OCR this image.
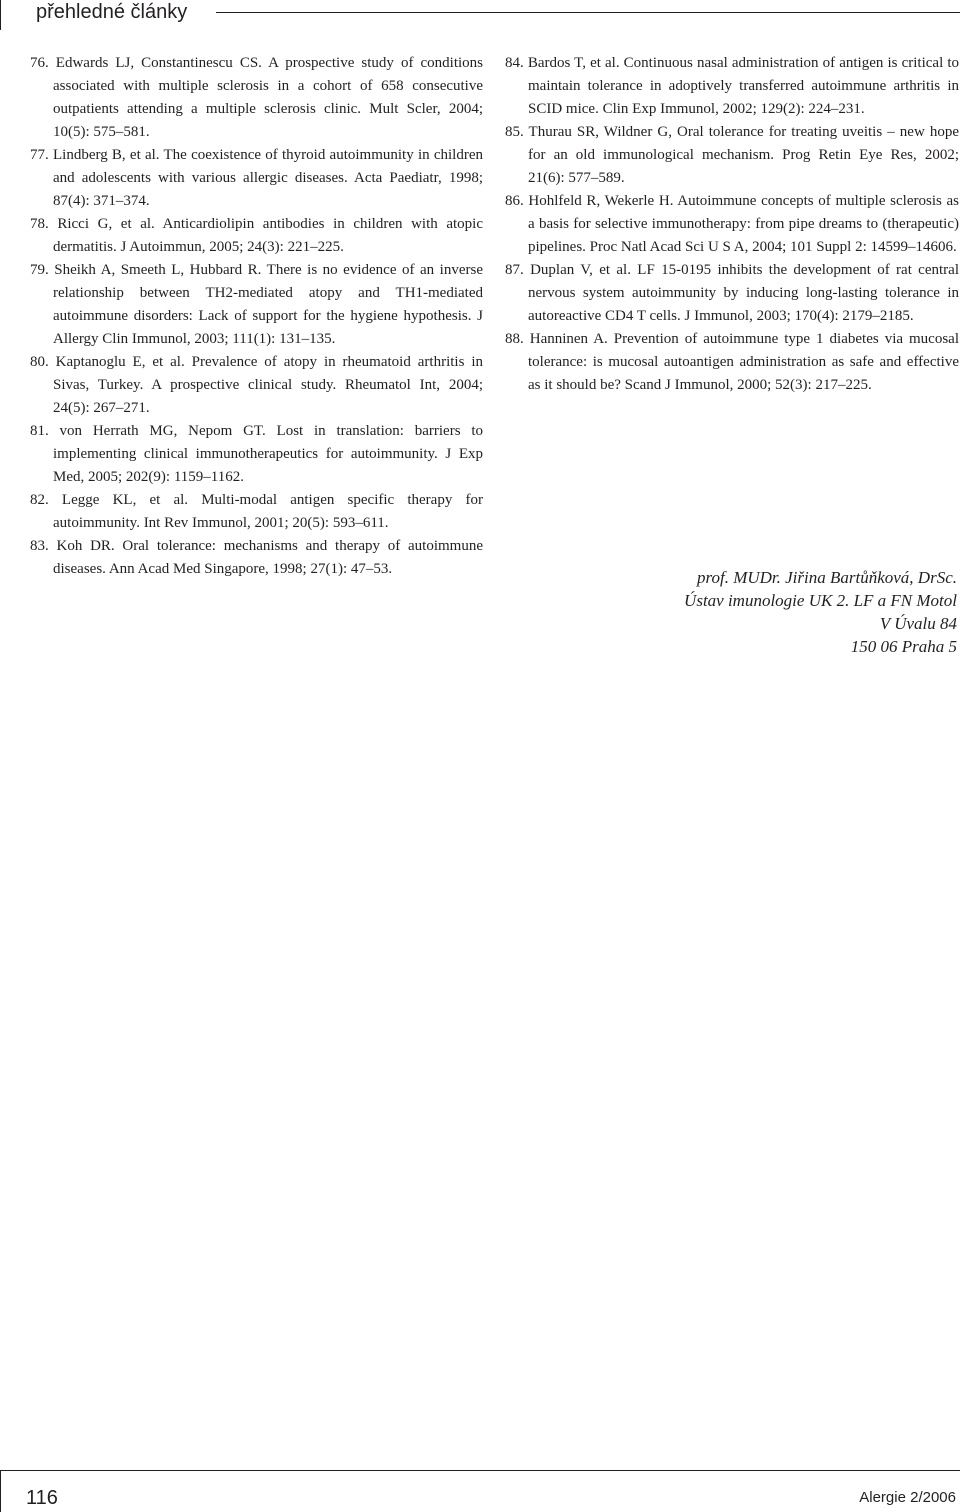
přehledné články

76. Edwards LJ, Constantinescu CS. A prospective study of conditions associated with multiple sclerosis in a cohort of 658 consecutive outpatients attending a multiple sclerosis clinic. Mult Scler, 2004; 10(5): 575–581.

77. Lindberg B, et al. The coexistence of thyroid autoimmunity in children and adolescents with various allergic diseases. Acta Paediatr, 1998; 87(4): 371–374.

78. Ricci G, et al. Anticardiolipin antibodies in children with atopic dermatitis. J Autoimmun, 2005; 24(3): 221–225.

79. Sheikh A, Smeeth L, Hubbard R. There is no evidence of an inverse relationship between TH2-mediated atopy and TH1-mediated autoimmune disorders: Lack of support for the hygiene hypothesis. J Allergy Clin Immunol, 2003; 111(1): 131–135.

80. Kaptanoglu E, et al. Prevalence of atopy in rheumatoid arthritis in Sivas, Turkey. A prospective clinical study. Rheumatol Int, 2004; 24(5): 267–271.

81. von Herrath MG, Nepom GT. Lost in translation: barriers to implementing clinical immunotherapeutics for autoimmunity. J Exp Med, 2005; 202(9): 1159–1162.

82. Legge KL, et al. Multi-modal antigen specific therapy for autoimmunity. Int Rev Immunol, 2001; 20(5): 593–611.

83. Koh DR. Oral tolerance: mechanisms and therapy of autoimmune diseases. Ann Acad Med Singapore, 1998; 27(1): 47–53.

84. Bardos T, et al. Continuous nasal administration of antigen is critical to maintain tolerance in adoptively transferred autoimmune arthritis in SCID mice. Clin Exp Immunol, 2002; 129(2): 224–231.

85. Thurau SR, Wildner G, Oral tolerance for treating uveitis – new hope for an old immunological mechanism. Prog Retin Eye Res, 2002; 21(6): 577–589.

86. Hohlfeld R, Wekerle H. Autoimmune concepts of multiple sclerosis as a basis for selective immunotherapy: from pipe dreams to (therapeutic) pipelines. Proc Natl Acad Sci U S A, 2004; 101 Suppl 2: 14599–14606.

87. Duplan V, et al. LF 15-0195 inhibits the development of rat central nervous system autoimmunity by inducing long-lasting tolerance in autoreactive CD4 T cells. J Immunol, 2003; 170(4): 2179–2185.

88. Hanninen A. Prevention of autoimmune type 1 diabetes via mucosal tolerance: is mucosal autoantigen administration as safe and effective as it should be? Scand J Immunol, 2000; 52(3): 217–225.

prof. MUDr. Jiřina Bartůňková, DrSc.
Ústav imunologie UK 2. LF a FN Motol
V Úvalu 84
150 06 Praha 5
116	Alergie 2/2006
